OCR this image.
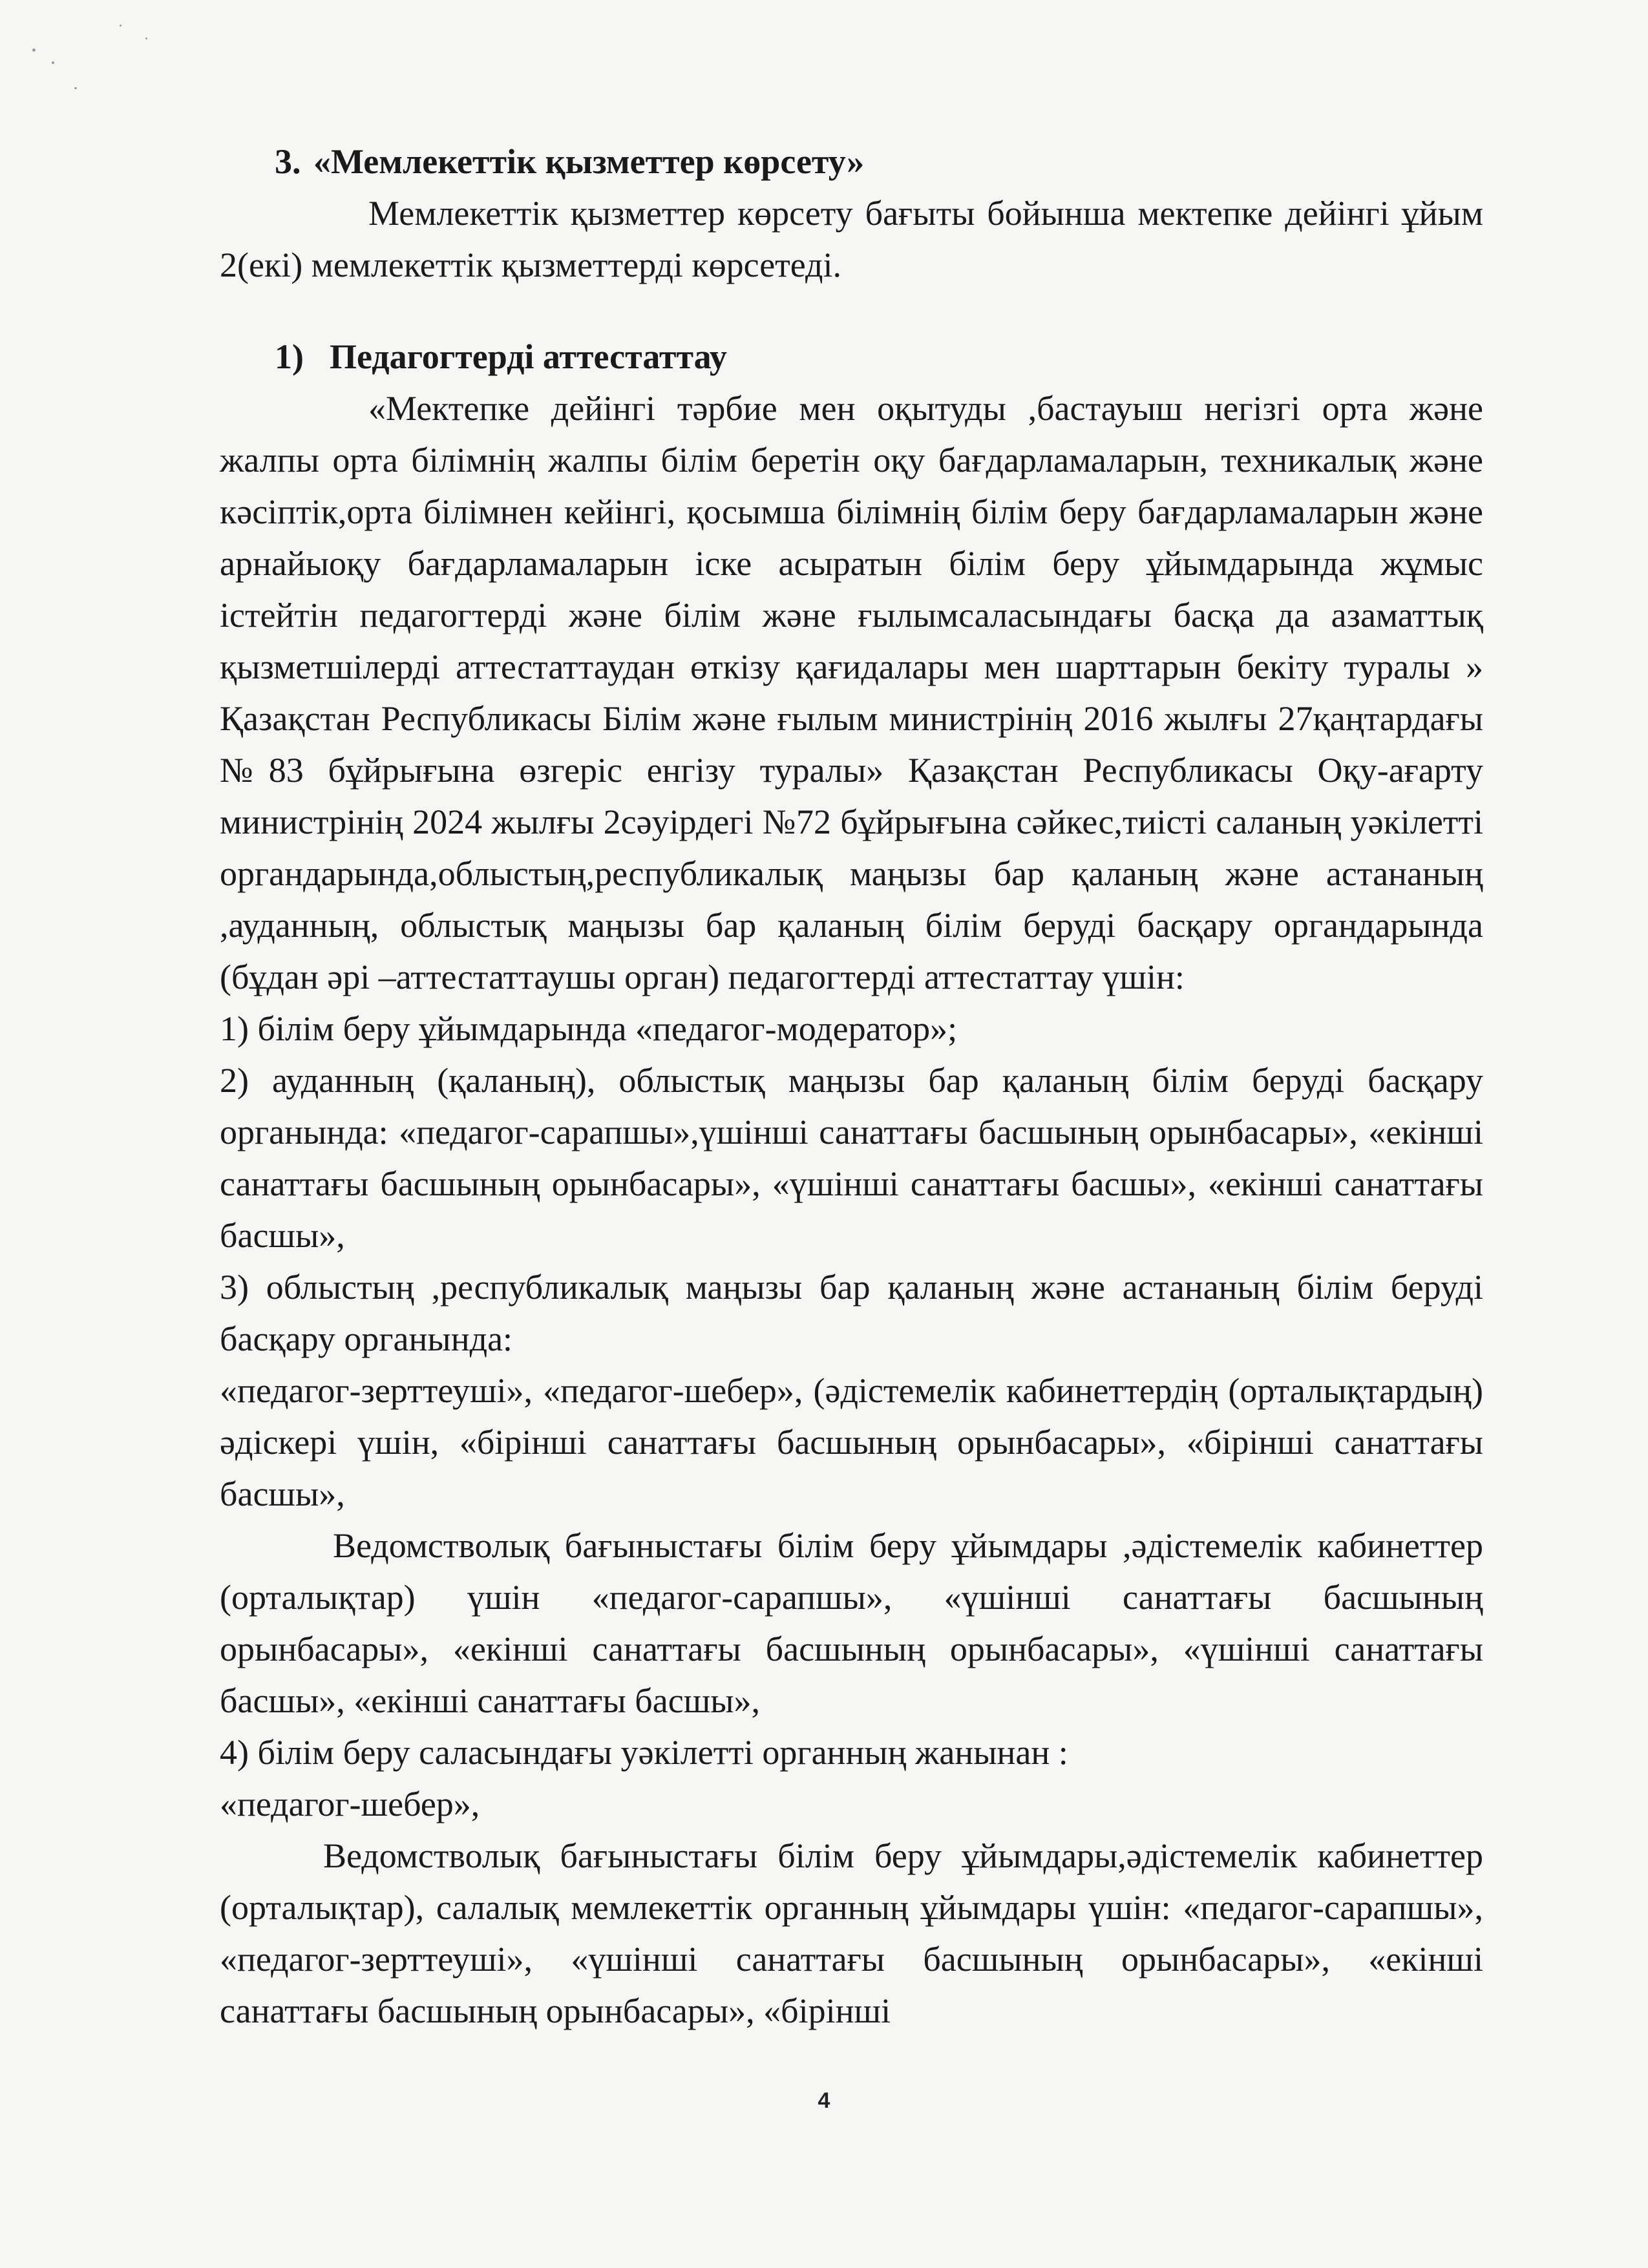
3. «Мемлекеттік қызметтер көрсету»

Мемлекеттік қызметтер көрсету бағыты бойынша мектепке дейінгі ұйым 2(екі) мемлекеттік қызметтерді көрсетеді.

1) Педагогтерді аттестаттау

«Мектепке дейінгі тәрбие мен оқытуды ,бастауыш негізгі орта және жалпы орта білімнің жалпы білім беретін оқу бағдарламаларын, техникалық және кәсіптік,орта білімнен кейінгі, қосымша білімнің білім беру бағдарламаларын және арнайыоқу бағдарламаларын іске асыратын білім беру ұйымдарында жұмыс істейтін педагогтерді және білім және ғылымсаласындағы басқа да азаматтық қызметшілерді аттестаттаудан өткізу қағидалары мен шарттарын бекіту туралы » Қазақстан Республикасы Білім және ғылым министрінің 2016 жылғы 27қаңтардағы №83 бұйрығына өзгеріс енгізу туралы» Қазақстан Республикасы Оқу-ағарту министрінің 2024 жылғы 2сәуірдегі №72 бұйрығына сәйкес,тиісті саланың уәкілетті органдарында,облыстың,республикалық маңызы бар қаланың және астананың ,ауданның, облыстық маңызы бар қаланың білім беруді басқару органдарында (бұдан әрі –аттестаттаушы орган) педагогтерді аттестаттау үшін:

1) білім беру ұйымдарында «педагог-модератор»;

2) ауданның (қаланың), облыстық маңызы бар қаланың білім беруді басқару органында: «педагог-сарапшы»,үшінші санаттағы басшының орынбасары», «екінші санаттағы басшының орынбасары», «үшінші санаттағы басшы», «екінші санаттағы басшы»,

3) облыстың ,республикалық маңызы бар қаланың және астананың білім беруді басқару органында:

«педагог-зерттеуші», «педагог-шебер», (әдістемелік кабинеттердің (орталықтардың) әдіскері үшін, «бірінші санаттағы басшының орынбасары», «бірінші санаттағы басшы»,

Ведомстволық бағыныстағы білім беру ұйымдары ,әдістемелік кабинеттер (орталықтар) үшін «педагог-сарапшы», «үшінші санаттағы басшының орынбасары», «екінші санаттағы басшының орынбасары», «үшінші санаттағы басшы», «екінші санаттағы басшы»,

4) білім беру саласындағы уәкілетті органның жанынан :

«педагог-шебер»,

Ведомстволық бағыныстағы білім беру ұйымдары,әдістемелік кабинеттер (орталықтар), салалық мемлекеттік органның ұйымдары үшін: «педагог-сарапшы», «педагог-зерттеуші», «үшінші санаттағы басшының орынбасары», «екінші санаттағы басшының орынбасары», «бірінші

4
